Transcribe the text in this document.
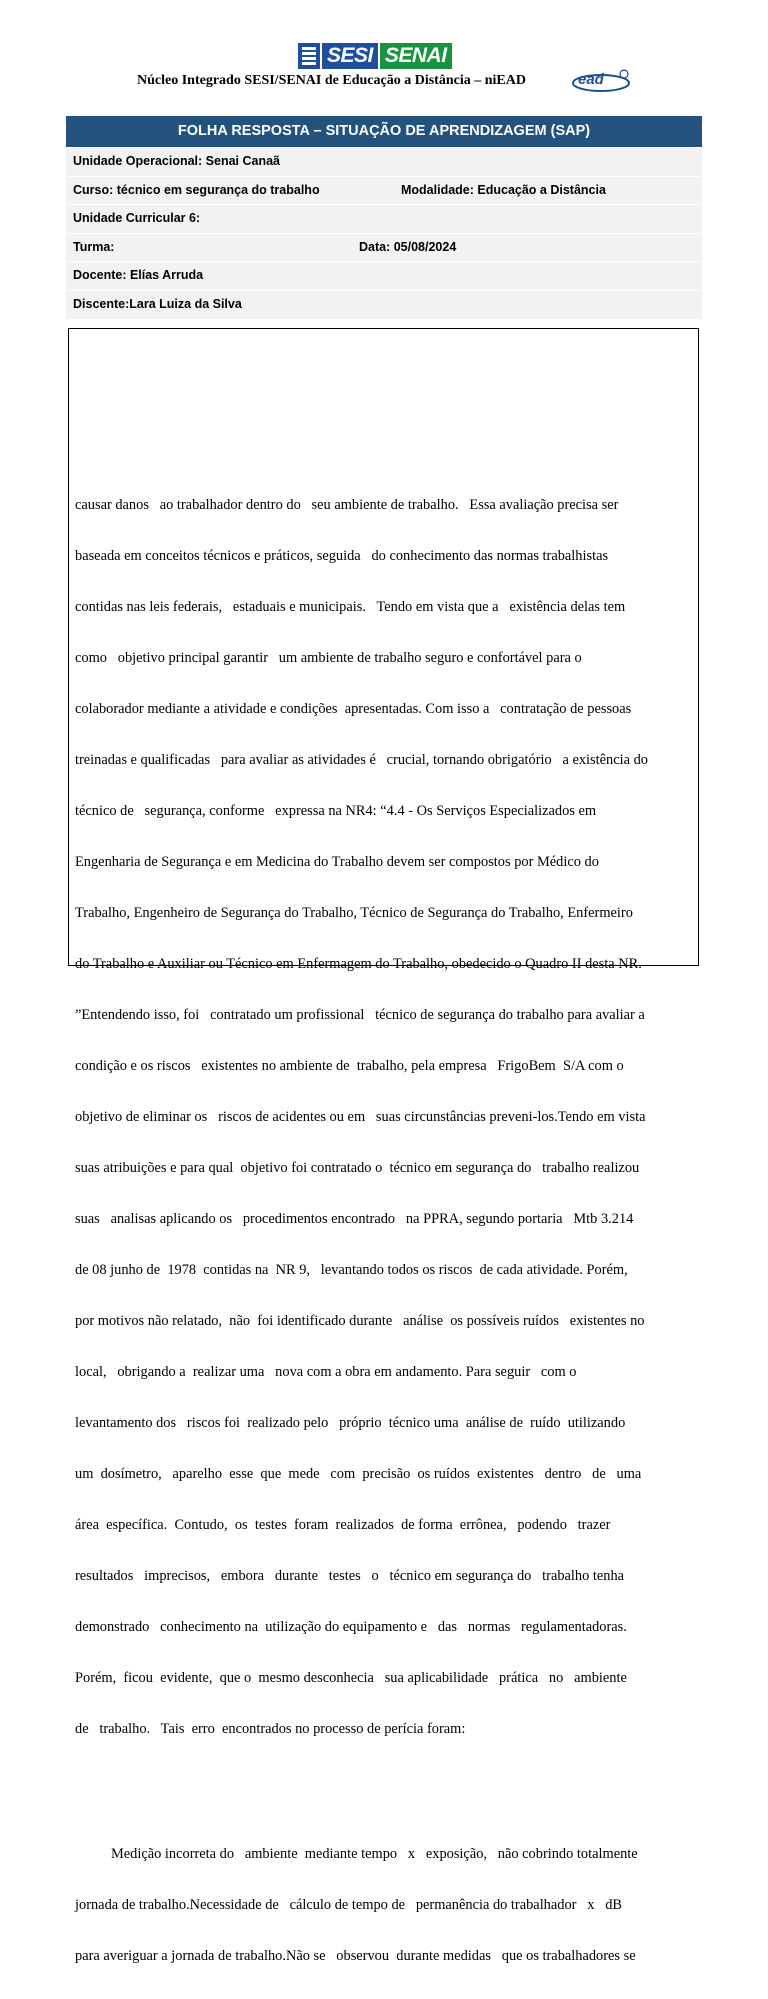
SESI SENAI
Núcleo Integrado SESI/SENAI de Educação a Distância – niEAD	ead
FOLHA RESPOSTA – SITUAÇÃO DE APRENDIZAGEM (SAP)
Unidade Operacional: Senai Canaã
Curso: técnico em segurança do trabalho	Modalidade: Educação a Distância
Unidade Curricular 6:
Turma:	Data: 05/08/2024
Docente: Elías Arruda
Discente:Lara Luiza da Silva

causar danos   ao trabalhador dentro do   seu ambiente de trabalho.   Essa avaliação precisa ser

baseada em conceitos técnicos e práticos, seguida   do conhecimento das normas trabalhistas

contidas nas leis federais,   estaduais e municipais.   Tendo em vista que a   existência delas tem

como   objetivo principal garantir   um ambiente de trabalho seguro e confortável para o

colaborador mediante a atividade e condições  apresentadas. Com isso a   contratação de pessoas

treinadas e qualificadas   para avaliar as atividades é   crucial, tornando obrigatório   a existência do

técnico de   segurança, conforme   expressa na NR4: “4.4 - Os Serviços Especializados em

Engenharia de Segurança e em Medicina do Trabalho devem ser compostos por Médico do

Trabalho, Engenheiro de Segurança do Trabalho, Técnico de Segurança do Trabalho, Enfermeiro

do Trabalho e Auxiliar ou Técnico em Enfermagem do Trabalho, obedecido o Quadro II desta NR.

”Entendendo isso, foi   contratado um profissional   técnico de segurança do trabalho para avaliar a

condição e os riscos   existentes no ambiente de  trabalho, pela empresa   FrigoBem  S/A com o

objetivo de eliminar os   riscos de acidentes ou em   suas circunstâncias preveni-los.Tendo em vista

suas atribuições e para qual  objetivo foi contratado o  técnico em segurança do   trabalho realizou

suas   analisas aplicando os   procedimentos encontrado   na PPRA, segundo portaria   Mtb 3.214

de 08 junho de  1978  contidas na  NR 9,   levantando todos os riscos  de cada atividade. Porém,

por motivos não relatado,  não  foi identificado durante   análise  os possíveis ruídos   existentes no

local,   obrigando a  realizar uma   nova com a obra em andamento. Para seguir   com o

levantamento dos   riscos foi  realizado pelo   próprio  técnico uma  análise de  ruído  utilizando

um  dosímetro,   aparelho  esse  que  mede   com  precisão  os ruídos  existentes   dentro   de   uma

área  específica.  Contudo,  os  testes  foram  realizados  de forma  errônea,   podendo   trazer

resultados   imprecisos,   embora   durante   testes   o   técnico em segurança do   trabalho tenha

demonstrado   conhecimento na  utilização do equipamento e   das   normas   regulamentadoras.

Porém,  ficou  evidente,  que o  mesmo desconhecia   sua aplicabilidade   prática   no   ambiente

de   trabalho.   Tais  erro  encontrados no processo de perícia foram:

Medição incorreta do   ambiente  mediante tempo   x   exposição,   não cobrindo totalmente

jornada de trabalho.Necessidade de   cálculo de tempo de   permanência do trabalhador   x   dB

para averiguar a jornada de trabalho.Não se   observou  durante medidas   que os trabalhadores se
